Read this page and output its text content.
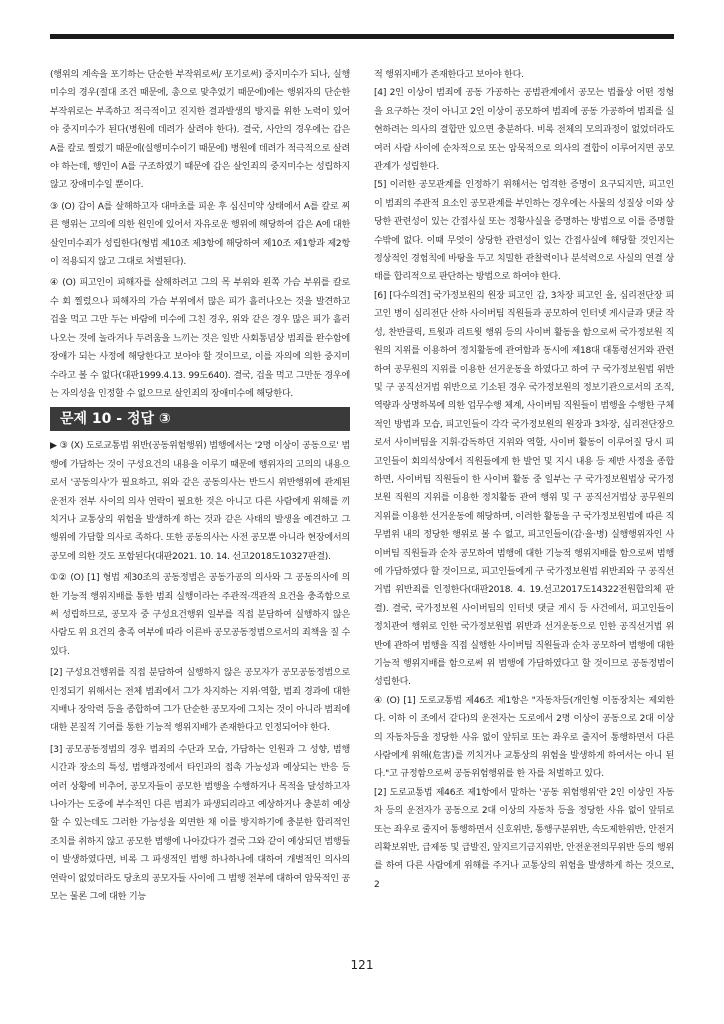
(행위의 계속을 포기하는 단순한 부작위로써/ 포기로써) 중지미수가 되나, 실행미수의 경우(절대 조건 때문에, 총으로 맞추었기 때문에)에는 행위자의 단순한 부작위로는 부족하고 적극적이고 진지한 결과발생의 방지를 위한 노력이 있어야 중지미수가 된다(병원에 데려가 살려야 한다). 결국, 사안의 경우에는 갑은 A를 칼로 찔렀기 때문에(실행미수이기 때문에) 병원에 데려가 적극적으로 살려야 하는데, 행인이 A를 구조하였기 때문에 갑은 살인죄의 중지미수는 성립하지 않고 장애미수일 뿐이다.

③ (O) 갑이 A를 살해하고자 대마초를 피운 후 심신미약 상태에서 A를 칼로 찌른 행위는 고의에 의한 원인에 있어서 자유로운 행위에 해당하여 갑은 A에 대한 살인미수죄가 성립한다(형법 제10조 제3항에 해당하여 제10조 제1항과 제2항이 적용되지 않고 그대로 처벌된다).

④ (O) 피고인이 피해자를 살해하려고 그의 목 부위와 왼쪽 가슴 부위를 칼로 수 회 찔렀으나 피해자의 가슴 부위에서 많은 피가 흘러나오는 것을 발견하고 겁을 먹고 그만 두는 바람에 미수에 그친 경우, 위와 같은 경우 많은 피가 흘러나오는 것에 놀라거나 두려움을 느끼는 것은 일반 사회통념상 범죄를 완수함에 장애가 되는 사정에 해당한다고 보아야 할 것이므로, 이를 자의에 의한 중지미수라고 볼 수 없다(대판1999.4.13. 99도640). 결국, 겁을 먹고 그만둔 경우에는 자의성을 인정할 수 없으므로 살인죄의 장애미수에 해당한다.

문제 10 - 정답 ③

▶ ③ (X) 도로교통법 위반(공동위험행위) 범행에서는 '2명 이상이 공동으로' 범행에 가담하는 것이 구성요건의 내용을 이루기 때문에 행위자의 고의의 내용으로서 '공동의사'가 필요하고, 위와 같은 공동의사는 반드시 위반행위에 관계된 운전자 전부 사이의 의사 연락이 필요한 것은 아니고 다른 사람에게 위해를 끼치거나 교통상의 위험을 발생하게 하는 것과 같은 사태의 발생을 예견하고 그 행위에 가담할 의사로 족하다. 또한 공동의사는 사전 공모뿐 아니라 현장에서의 공모에 의한 것도 포함된다(대판2021. 10. 14. 선고2018도10327판결).

①② (O) [1] 형법 제30조의 공동정범은 공동가공의 의사와 그 공동의사에 의한 기능적 행위지배를 통한 범죄 실행이라는 주관적·객관적 요건을 충족함으로써 성립하므로, 공모자 중 구성요건행위 일부를 직접 분담하여 실행하지 않은 사람도 위 요건의 충족 여부에 따라 이른바 공모공동정범으로서의 죄책을 질 수 있다.

[2] 구성요건행위를 직접 분담하여 실행하지 않은 공모자가 공모공동정범으로 인정되기 위해서는 전체 범죄에서 그가 차지하는 지위·역할, 범죄 경과에 대한 지배나 장악력 등을 종합하여 그가 단순한 공모자에 그치는 것이 아니라 범죄에 대한 본질적 기여를 통한 기능적 행위지배가 존재한다고 인정되어야 한다.

[3] 공모공동정범의 경우 범죄의 수단과 모습, 가담하는 인원과 그 성향, 범행 시간과 장소의 특성, 범행과정에서 타인과의 접촉 가능성과 예상되는 반응 등 여러 상황에 비추어, 공모자들이 공모한 범행을 수행하거나 목적을 달성하고자 나아가는 도중에 부수적인 다른 범죄가 파생되리라고 예상하거나 충분히 예상할 수 있는데도 그러한 가능성을 외면한 채 이를 방지하기에 충분한 합리적인 조치를 취하지 않고 공모한 범행에 나아갔다가 결국 그와 같이 예상되던 범행들이 발생하였다면, 비록 그 파생적인 범행 하나하나에 대하여 개별적인 의사의 연락이 없었더라도 당초의 공모자들 사이에 그 범행 전부에 대하여 암묵적인 공모는 물론 그에 대한 기능

적 행위지배가 존재한다고 보아야 한다.

[4] 2인 이상이 범죄에 공동 가공하는 공범관계에서 공모는 법률상 어떤 정형을 요구하는 것이 아니고 2인 이상이 공모하여 범죄에 공동 가공하여 범죄를 실현하려는 의사의 결합만 있으면 충분하다. 비록 전체의 모의과정이 없었더라도 여러 사람 사이에 순차적으로 또는 암묵적으로 의사의 결합이 이루어지면 공모관계가 성립한다.

[5] 이러한 공모관계를 인정하기 위해서는 엄격한 증명이 요구되지만, 피고인이 범죄의 주관적 요소인 공모관계를 부인하는 경우에는 사물의 성질상 이와 상당한 관련성이 있는 간접사실 또는 정황사실을 증명하는 방법으로 이를 증명할 수밖에 없다. 이때 무엇이 상당한 관련성이 있는 간접사실에 해당할 것인지는 정상적인 경험칙에 바탕을 두고 치밀한 관찰력이나 분석력으로 사실의 연결 상태를 합리적으로 판단하는 방법으로 하여야 한다.

[6] [다수의견] 국가정보원의 원장 피고인 갑, 3차장 피고인 을, 심리전단장 피고인 병이 심리전단 산하 사이버팀 직원들과 공모하여 인터넷 게시글과 댓글 작성, 찬반클릭, 트윗과 리트윗 행위 등의 사이버 활동을 함으로써 국가정보원 직원의 지위를 이용하여 정치활동에 관여함과 동시에 제18대 대통령선거와 관련하여 공무원의 지위를 이용한 선거운동을 하였다고 하여 구 국가정보원법 위반 및 구 공직선거법 위반으로 기소된 경우 국가정보원의 정보기관으로서의 조직, 역량과 상명하복에 의한 업무수행 체계, 사이버팀 직원들이 범행을 수행한 구체적인 방법과 모습, 피고인들이 각각 국가정보원의 원장과 3차장, 심리전단장으로서 사이버팀을 지휘·감독하던 지위와 역할, 사이버 활동이 이루어질 당시 피고인들이 회의석상에서 직원들에게 한 발언 및 지시 내용 등 제반 사정을 종합하면, 사이버팀 직원들이 한 사이버 활동 중 일부는 구 국가정보원법상 국가정보원 직원의 지위를 이용한 정치활동 관여 행위 및 구 공직선거법상 공무원의 지위를 이용한 선거운동에 해당하며, 이러한 활동을 구 국가정보원법에 따른 직무범위 내의 정당한 행위로 볼 수 없고, 피고인들이(갑·을·병) 실행행위자인 사이버팀 직원들과 순차 공모하여 범행에 대한 기능적 행위지배를 함으로써 범행에 가담하였다 할 것이므로, 피고인들에게 구 국가정보원법 위반죄와 구 공직선거법 위반죄를 인정한다(대판2018. 4. 19.선고2017도14322전원합의체 판결). 결국, 국가정보원 사이버팀의 인터넷 댓글 게시 등 사건에서, 피고인들이 정치관여 행위로 인한 국가정보원법 위반과 선거운동으로 인한 공직선거법 위반에 관하여 범행을 직접 실행한 사이버팀 직원들과 순차 공모하여 범행에 대한 기능적 행위지배를 함으로써 위 범행에 가담하였다고 할 것이므로 공동정범이 성립한다.

④ (O) [1] 도로교통법 제46조 제1항은 "자동차등(개인형 이동장치는 제외한다. 이하 이 조에서 같다)의 운전자는 도로에서 2명 이상이 공동으로 2대 이상의 자동차등을 정당한 사유 없이 앞뒤로 또는 좌우로 줄지어 통행하면서 다른 사람에게 위해(危害)를 끼치거나 교통상의 위험을 발생하게 하여서는 아니 된다."고 규정함으로써 공동위험행위를 한 자를 처벌하고 있다.

[2] 도로교통법 제46조 제1항에서 말하는 '공동 위험행위'란 2인 이상인 자동차 등의 운전자가 공동으로 2대 이상의 자동차 등을 정당한 사유 없이 앞뒤로 또는 좌우로 줄지어 통행하면서 신호위반, 통행구분위반, 속도제한위반, 안전거리확보위반, 급제동 및 급발진, 앞지르기금지위반, 안전운전의무위반 등의 행위를 하여 다른 사람에게 위해를 주거나 교통상의 위험을 발생하게 하는 것으로, 2

121
